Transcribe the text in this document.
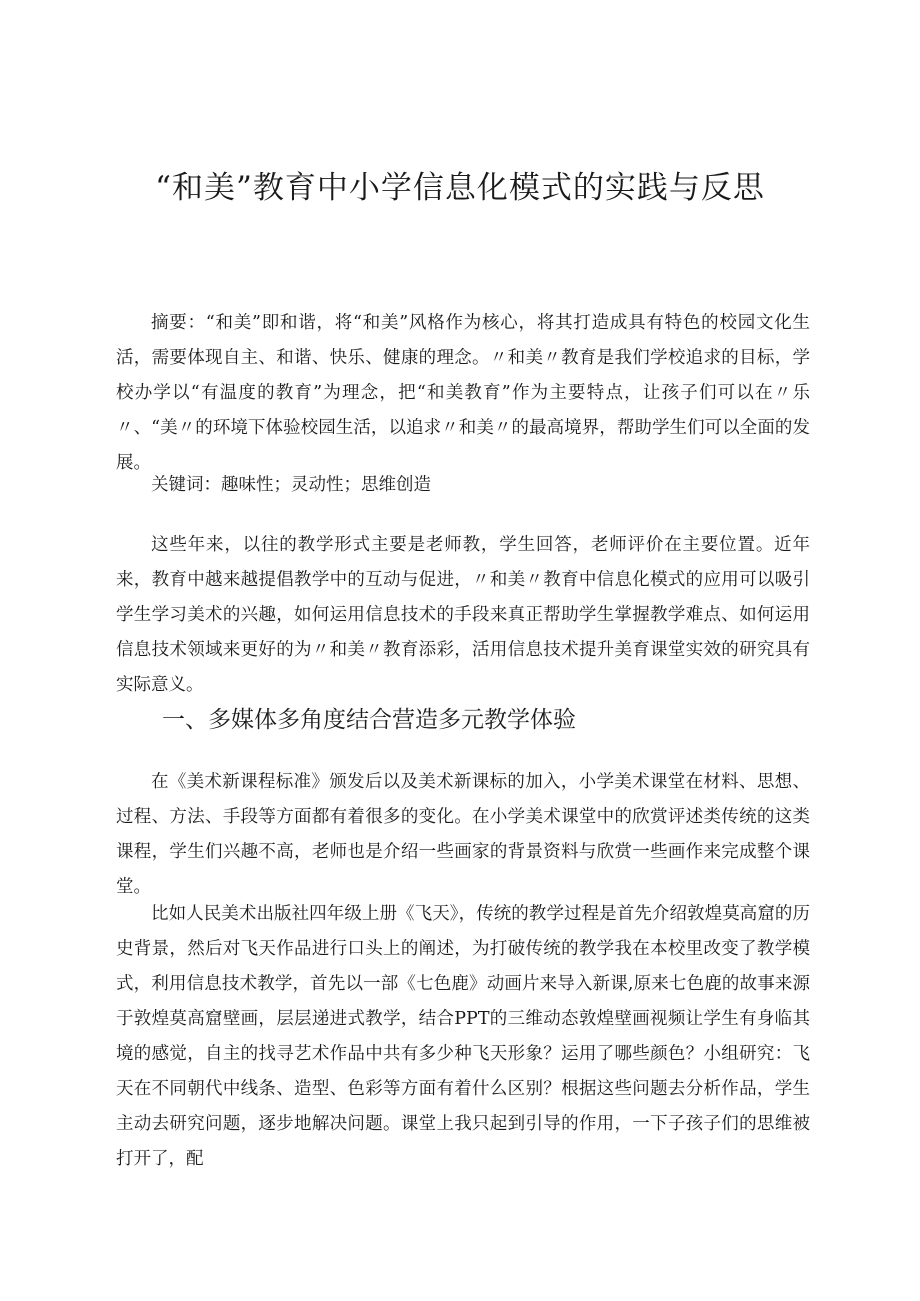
“和美”教育中小学信息化模式的实践与反思

摘要：“和美”即和谐，将“和美”风格作为核心，将其打造成具有特色的校园文化生活，需要体现自主、和谐、快乐、健康的理念。〃和美〃教育是我们学校追求的目标，学校办学以“有温度的教育”为理念，把“和美教育”作为主要特点，让孩子们可以在〃乐〃、“美〃的环境下体验校园生活，以追求〃和美〃的最高境界，帮助学生们可以全面的发展。

关键词：趣味性；灵动性；思维创造

这些年来，以往的教学形式主要是老师教，学生回答，老师评价在主要位置。近年来，教育中越来越提倡教学中的互动与促进，〃和美〃教育中信息化模式的应用可以吸引学生学习美术的兴趣，如何运用信息技术的手段来真正帮助学生掌握教学难点、如何运用信息技术领域来更好的为〃和美〃教育添彩，活用信息技术提升美育课堂实效的研究具有实际意义。

一、多媒体多角度结合营造多元教学体验

在《美术新课程标准》颁发后以及美术新课标的加入，小学美术课堂在材料、思想、过程、方法、手段等方面都有着很多的变化。在小学美术课堂中的欣赏评述类传统的这类课程，学生们兴趣不高，老师也是介绍一些画家的背景资料与欣赏一些画作来完成整个课堂。

比如人民美术出版社四年级上册《飞天》，传统的教学过程是首先介绍敦煌莫高窟的历史背景，然后对飞天作品进行口头上的阐述，为打破传统的教学我在本校里改变了教学模式，利用信息技术教学，首先以一部《七色鹿》动画片来导入新课,原来七色鹿的故事来源于敦煌莫高窟壁画，层层递进式教学，结合PPT的三维动态敦煌壁画视频让学生有身临其境的感觉，自主的找寻艺术作品中共有多少种飞天形象？运用了哪些颜色？小组研究：飞天在不同朝代中线条、造型、色彩等方面有着什么区别？根据这些问题去分析作品，学生主动去研究问题，逐步地解决问题。课堂上我只起到引导的作用，一下子孩子们的思维被打开了，配
